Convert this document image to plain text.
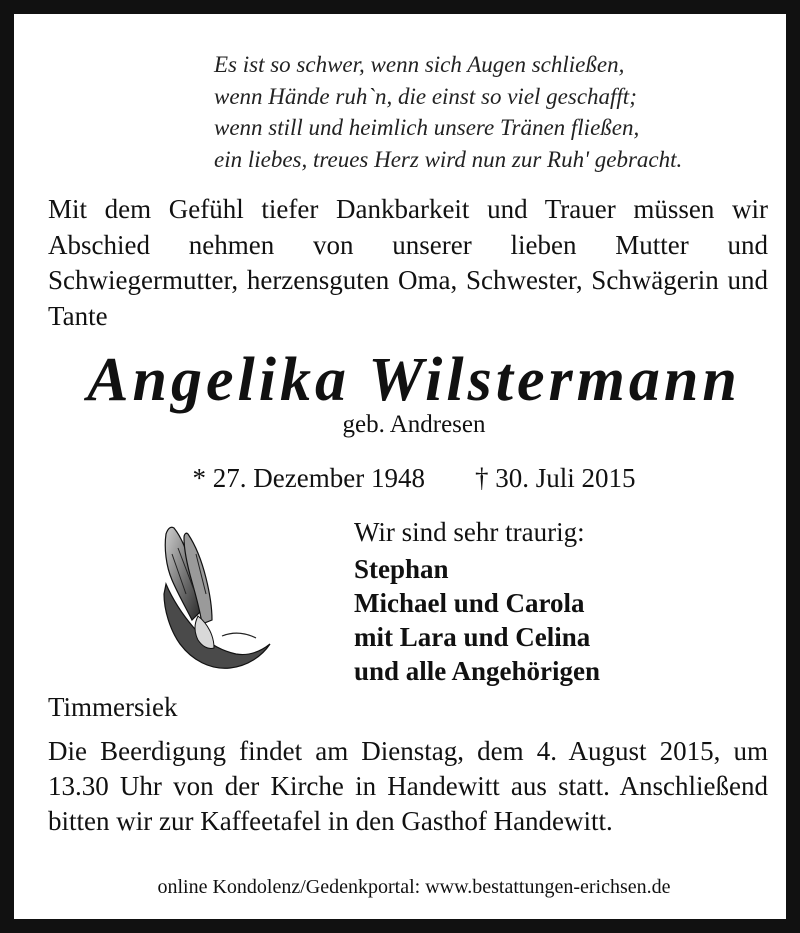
Es ist so schwer, wenn sich Augen schließen,
wenn Hände ruh`n, die einst so viel geschafft;
wenn still und heimlich unsere Tränen fließen,
ein liebes, treues Herz wird nun zur Ruh' gebracht.
Mit dem Gefühl tiefer Dankbarkeit und Trauer müssen wir Abschied nehmen von unserer lieben Mutter und Schwiegermutter, herzensguten Oma, Schwester, Schwägerin und Tante
Angelika Wilstermann
geb. Andresen
* 27. Dezember 1948 † 30. Juli 2015
Wir sind sehr traurig:
Stephan
Michael und Carola
mit Lara und Celina
und alle Angehörigen
Timmersiek
Die Beerdigung findet am Dienstag, dem 4. August 2015, um 13.30 Uhr von der Kirche in Handewitt aus statt. Anschließend bitten wir zur Kaffeetafel in den Gasthof Handewitt.
online Kondolenz/Gedenkportal: www.bestattungen-erichsen.de
